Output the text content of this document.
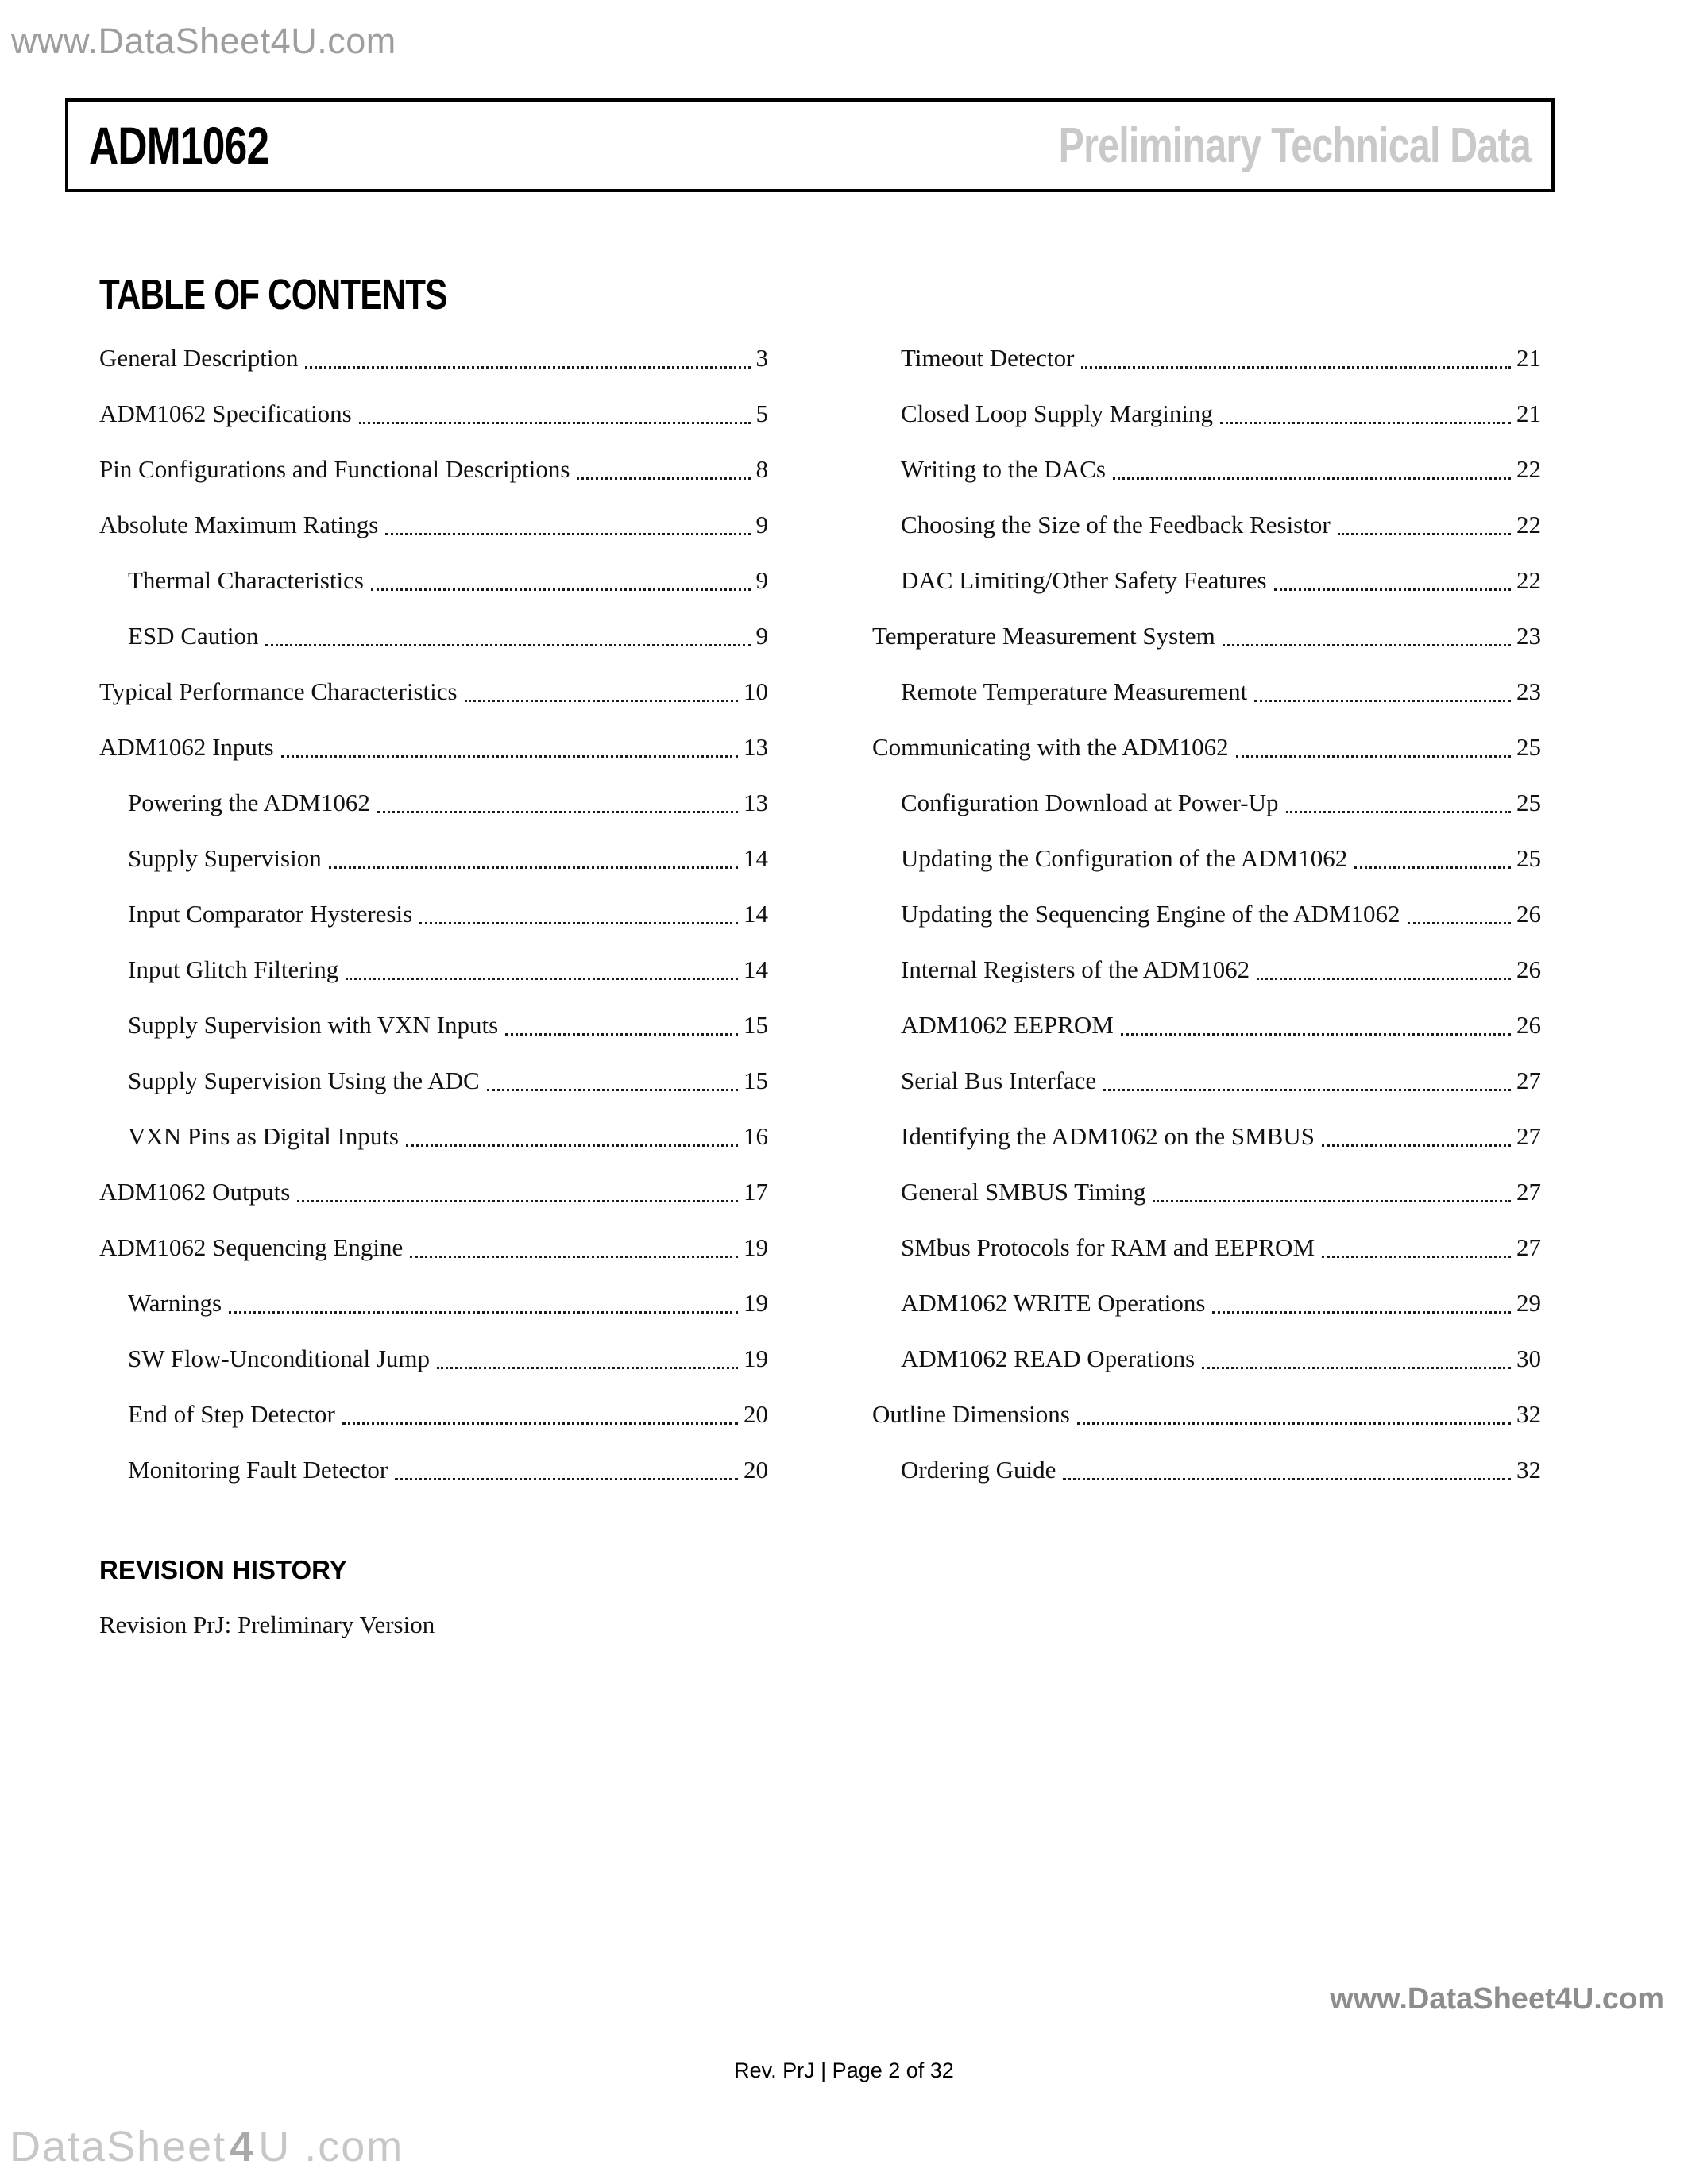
www.DataSheet4U.com
ADM1062	Preliminary Technical Data
TABLE OF CONTENTS
General Description	3
ADM1062 Specifications	5
Pin Configurations and Functional Descriptions	8
Absolute Maximum Ratings	9
Thermal Characteristics	9
ESD Caution	9
Typical Performance Characteristics	10
ADM1062 Inputs	13
Powering the ADM1062	13
Supply Supervision	14
Input Comparator Hysteresis	14
Input Glitch Filtering	14
Supply Supervision with VXN Inputs	15
Supply Supervision Using the ADC	15
VXN Pins as Digital Inputs	16
ADM1062 Outputs	17
ADM1062 Sequencing Engine	19
Warnings	19
SW Flow-Unconditional Jump	19
End of Step Detector	20
Monitoring Fault Detector	20
Timeout Detector	21
Closed Loop Supply Margining	21
Writing to the DACs	22
Choosing the Size of the Feedback Resistor	22
DAC Limiting/Other Safety Features	22
Temperature Measurement System	23
Remote Temperature Measurement	23
Communicating with the ADM1062	25
Configuration Download at Power-Up	25
Updating the Configuration of the ADM1062	25
Updating the Sequencing Engine of the ADM1062	26
Internal Registers of the ADM1062	26
ADM1062 EEPROM	26
Serial Bus Interface	27
Identifying the ADM1062 on the SMBUS	27
General SMBUS Timing	27
SMbus Protocols for RAM and EEPROM	27
ADM1062 WRITE Operations	29
ADM1062 READ Operations	30
Outline Dimensions	32
Ordering Guide	32
REVISION HISTORY
Revision PrJ: Preliminary Version
www.DataSheet4U.com
Rev. PrJ | Page 2 of 32
DataSheet4U .com
